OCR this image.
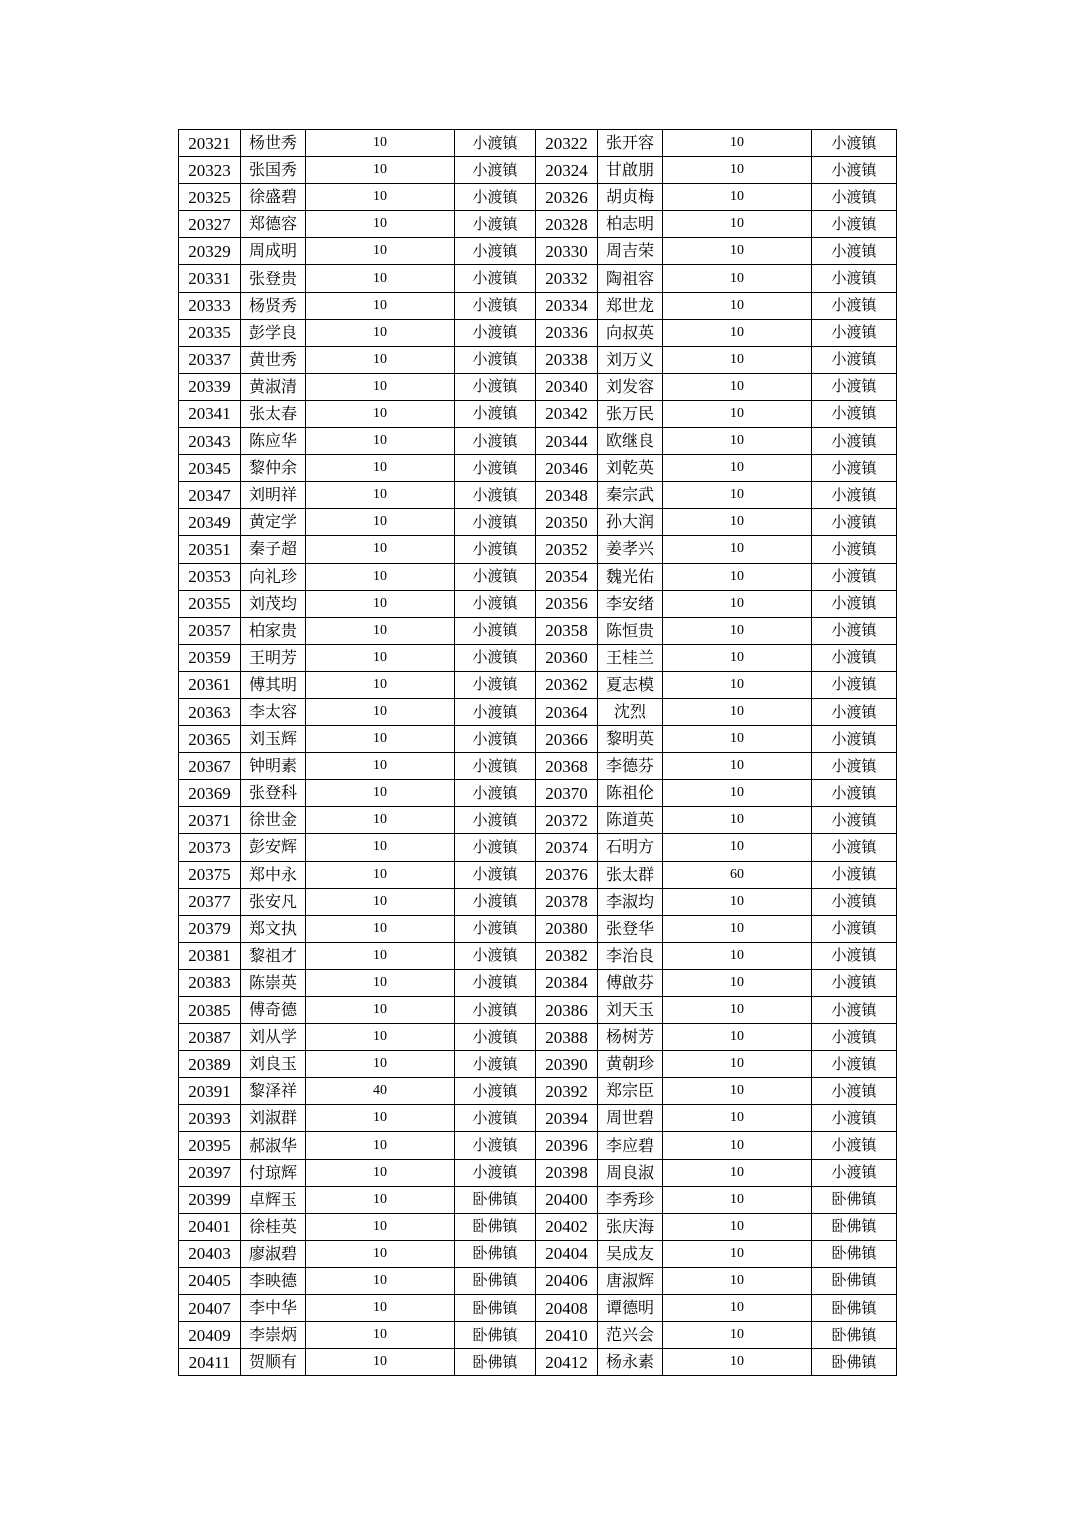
20321	杨世秀	10	小渡镇	20322	张开容	10	小渡镇
20323	张国秀	10	小渡镇	20324	甘啟朋	10	小渡镇
20325	徐盛碧	10	小渡镇	20326	胡贞梅	10	小渡镇
20327	郑德容	10	小渡镇	20328	柏志明	10	小渡镇
20329	周成明	10	小渡镇	20330	周吉荣	10	小渡镇
20331	张登贵	10	小渡镇	20332	陶祖容	10	小渡镇
20333	杨贤秀	10	小渡镇	20334	郑世龙	10	小渡镇
20335	彭学良	10	小渡镇	20336	向叔英	10	小渡镇
20337	黄世秀	10	小渡镇	20338	刘万义	10	小渡镇
20339	黄淑清	10	小渡镇	20340	刘发容	10	小渡镇
20341	张太春	10	小渡镇	20342	张万民	10	小渡镇
20343	陈应华	10	小渡镇	20344	欧继良	10	小渡镇
20345	黎仲余	10	小渡镇	20346	刘乾英	10	小渡镇
20347	刘明祥	10	小渡镇	20348	秦宗武	10	小渡镇
20349	黄定学	10	小渡镇	20350	孙大润	10	小渡镇
20351	秦子超	10	小渡镇	20352	姜孝兴	10	小渡镇
20353	向礼珍	10	小渡镇	20354	魏光佑	10	小渡镇
20355	刘茂均	10	小渡镇	20356	李安绪	10	小渡镇
20357	柏家贵	10	小渡镇	20358	陈恒贵	10	小渡镇
20359	王明芳	10	小渡镇	20360	王桂兰	10	小渡镇
20361	傅其明	10	小渡镇	20362	夏志模	10	小渡镇
20363	李太容	10	小渡镇	20364	沈烈	10	小渡镇
20365	刘玉辉	10	小渡镇	20366	黎明英	10	小渡镇
20367	钟明素	10	小渡镇	20368	李德芬	10	小渡镇
20369	张登科	10	小渡镇	20370	陈祖伦	10	小渡镇
20371	徐世金	10	小渡镇	20372	陈道英	10	小渡镇
20373	彭安辉	10	小渡镇	20374	石明方	10	小渡镇
20375	郑中永	10	小渡镇	20376	张太群	60	小渡镇
20377	张安凡	10	小渡镇	20378	李淑均	10	小渡镇
20379	郑文执	10	小渡镇	20380	张登华	10	小渡镇
20381	黎祖才	10	小渡镇	20382	李治良	10	小渡镇
20383	陈崇英	10	小渡镇	20384	傅啟芬	10	小渡镇
20385	傅奇德	10	小渡镇	20386	刘天玉	10	小渡镇
20387	刘从学	10	小渡镇	20388	杨树芳	10	小渡镇
20389	刘良玉	10	小渡镇	20390	黄朝珍	10	小渡镇
20391	黎泽祥	40	小渡镇	20392	郑宗臣	10	小渡镇
20393	刘淑群	10	小渡镇	20394	周世碧	10	小渡镇
20395	郝淑华	10	小渡镇	20396	李应碧	10	小渡镇
20397	付琼辉	10	小渡镇	20398	周良淑	10	小渡镇
20399	卓辉玉	10	卧佛镇	20400	李秀珍	10	卧佛镇
20401	徐桂英	10	卧佛镇	20402	张庆海	10	卧佛镇
20403	廖淑碧	10	卧佛镇	20404	吴成友	10	卧佛镇
20405	李映德	10	卧佛镇	20406	唐淑辉	10	卧佛镇
20407	李中华	10	卧佛镇	20408	谭德明	10	卧佛镇
20409	李崇炳	10	卧佛镇	20410	范兴会	10	卧佛镇
20411	贺顺有	10	卧佛镇	20412	杨永素	10	卧佛镇
